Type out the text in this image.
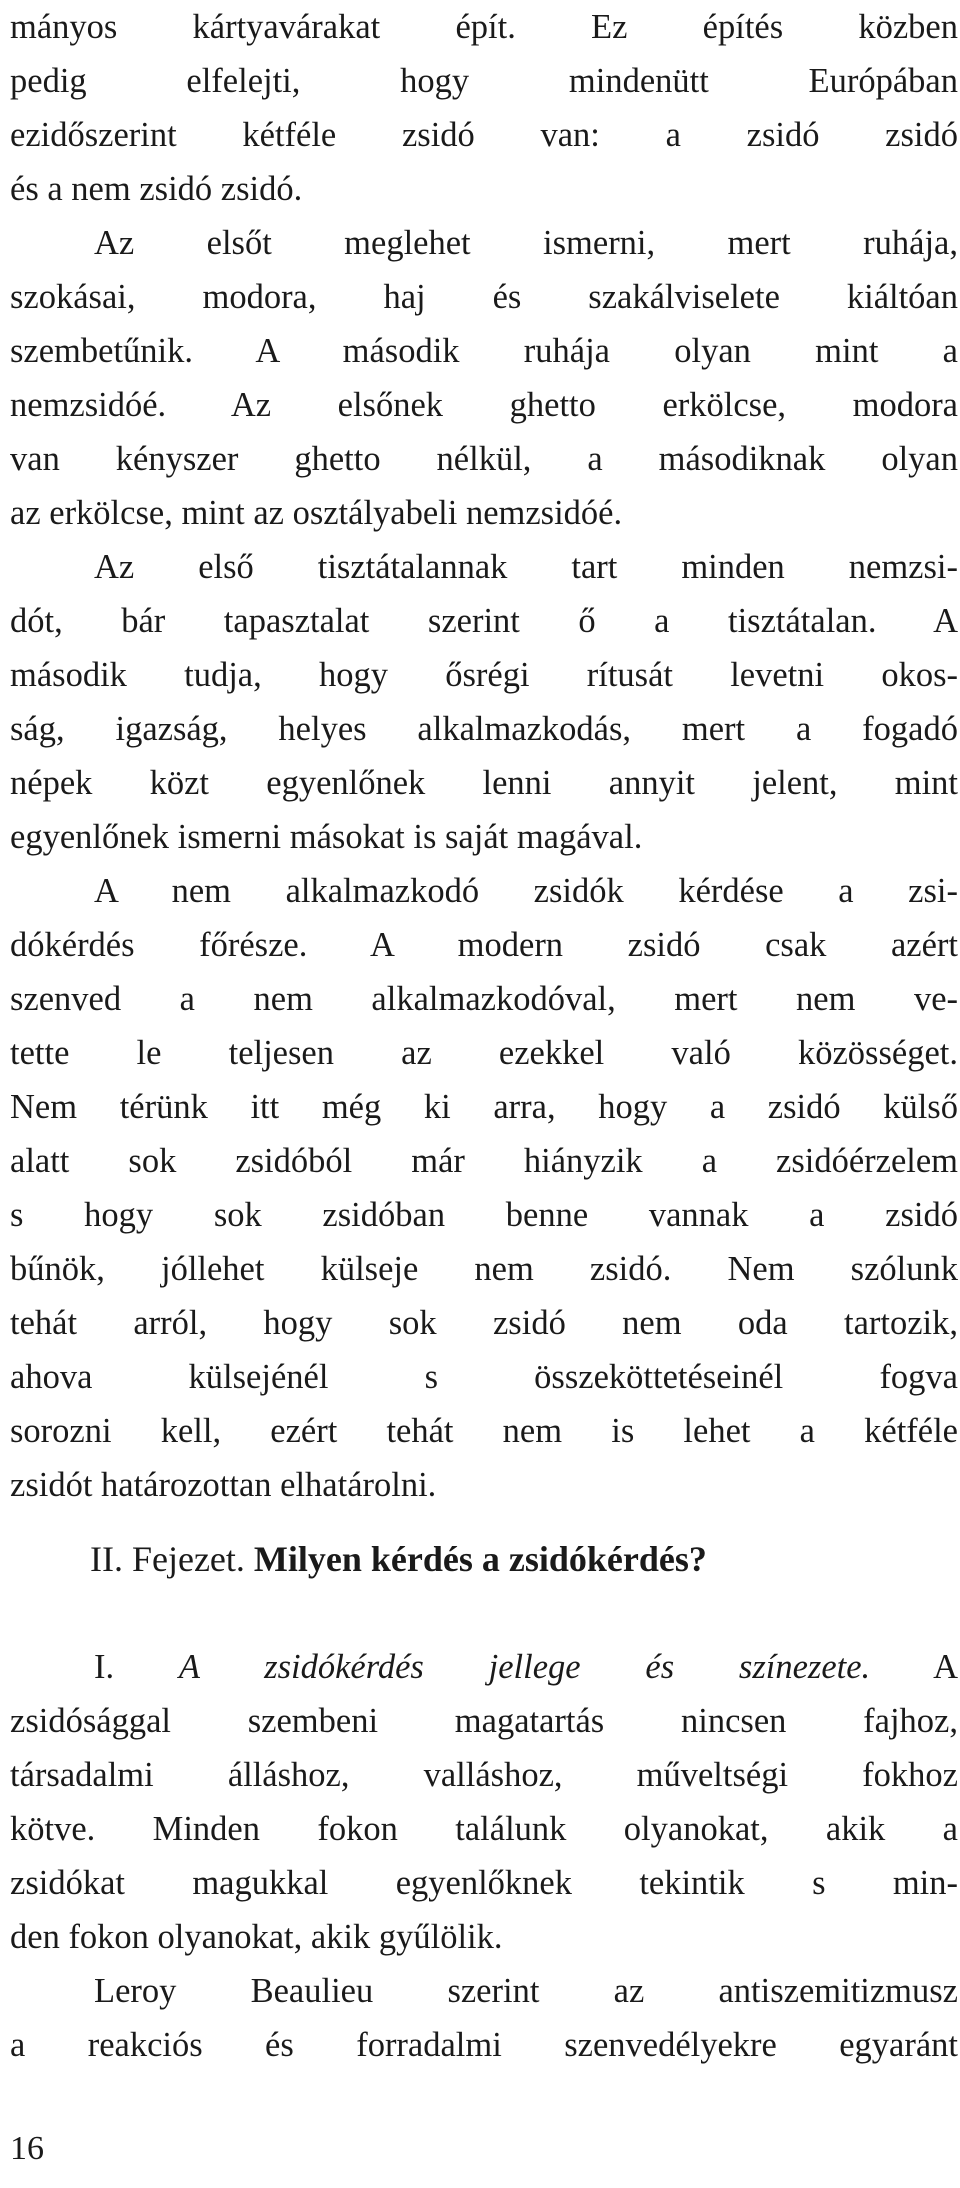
mányos kártyavárakat épít. Ez építés közben
pedig elfelejti, hogy mindenütt Európában
ezidőszerint kétféle zsidó van: a zsidó zsidó
és a nem zsidó zsidó.
Az elsőt meglehet ismerni, mert ruhája,
szokásai, modora, haj és szakálviselete kiáltóan
szembetűnik. A második ruhája olyan mint a
nemzsidóé. Az elsőnek ghetto erkölcse, modora
van kényszer ghetto nélkül, a másodiknak olyan
az erkölcse, mint az osztályabeli nemzsidóé.
Az első tisztátalannak tart minden nemzsi-
dót, bár tapasztalat szerint ő a tisztátalan. A
második tudja, hogy ősrégi rítusát levetni okos-
ság, igazság, helyes alkalmazkodás, mert a fogadó
népek közt egyenlőnek lenni annyit jelent, mint
egyenlőnek ismerni másokat is saját magával.
A nem alkalmazkodó zsidók kérdése a zsi-
dókérdés főrésze. A modern zsidó csak azért
szenved a nem alkalmazkodóval, mert nem ve-
tette le teljesen az ezekkel való közösséget.
Nem térünk itt még ki arra, hogy a zsidó külső
alatt sok zsidóból már hiányzik a zsidóérzelem
s hogy sok zsidóban benne vannak a zsidó
bűnök, jóllehet külseje nem zsidó. Nem szólunk
tehát arról, hogy sok zsidó nem oda tartozik,
ahova külsejénél s összeköttetéseinél fogva
sorozni kell, ezért tehát nem is lehet a kétféle
zsidót határozottan elhatárolni.
II. Fejezet. Milyen kérdés a zsidókérdés?
I. A zsidókérdés jellege és színezete. A
zsidósággal szembeni magatartás nincsen fajhoz,
társadalmi álláshoz, valláshoz, műveltségi fokhoz
kötve. Minden fokon találunk olyanokat, akik a
zsidókat magukkal egyenlőknek tekintik s min-
den fokon olyanokat, akik gyűlölik.
Leroy Beaulieu szerint az antiszemitizmusz
a reakciós és forradalmi szenvedélyekre egyaránt
16
